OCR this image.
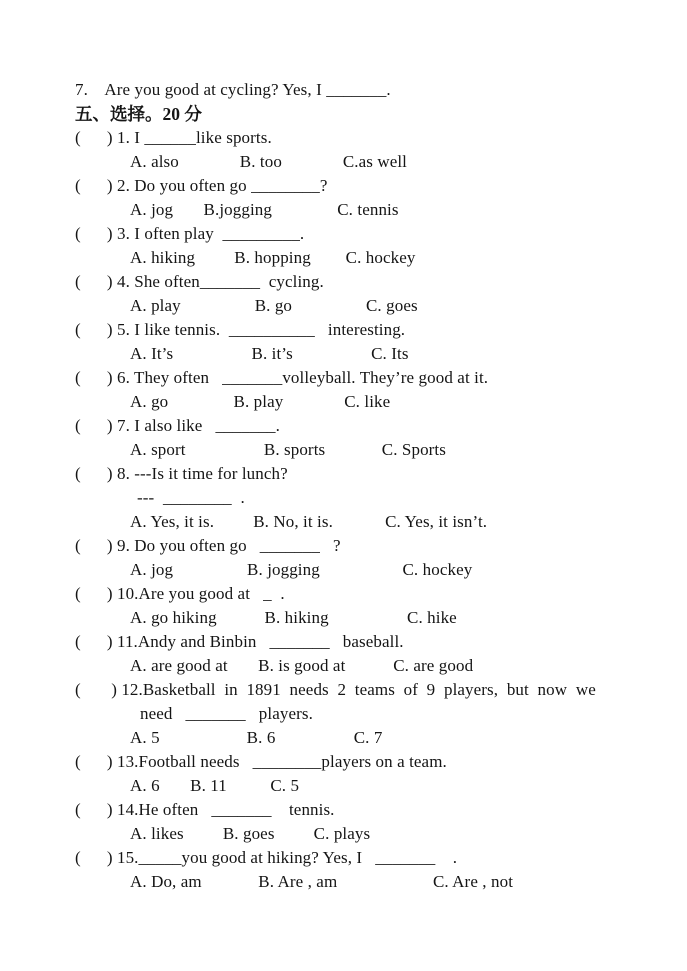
7.    Are you good at cycling? Yes, I _______.
五、选择。20 分
(      ) 1. I ______like sports.
A. also              B. too              C.as well
(      ) 2. Do you often go ________?
A. jog       B.jogging               C. tennis
(      ) 3. I often play  _________.
A. hiking         B. hopping        C. hockey
(      ) 4. She often_______  cycling.
A. play                 B. go                 C. goes
(      ) 5. I like tennis.  __________   interesting.
A. It’s                  B. it’s                  C. Its
(      ) 6. They often   _______volleyball. They’re good at it.
A. go               B. play              C. like
(      ) 7. I also like   _______.
A. sport                  B. sports             C. Sports
(      ) 8. ---Is it time for lunch?
---  ________  .
A. Yes, it is.         B. No, it is.            C. Yes, it isn’t.
(      ) 9. Do you often go   _______   ?
A. jog                 B. jogging                   C. hockey
(      ) 10.Are you good at   _  .
A. go hiking           B. hiking                  C. hike
(      ) 11.Andy and Binbin   _______   baseball.
A. are good at       B. is good at           C. are good
(       ) 12.Basketball  in  1891  needs  2  teams  of  9  players,  but  now  we
need   _______   players.
A. 5                    B. 6                  C. 7
(      ) 13.Football needs   ________players on a team.
A. 6       B. 11          C. 5
(      ) 14.He often   _______    tennis.
A. likes         B. goes         C. plays
(      ) 15._____you good at hiking? Yes, I   _______    .
A. Do, am             B. Are , am                      C. Are , not
